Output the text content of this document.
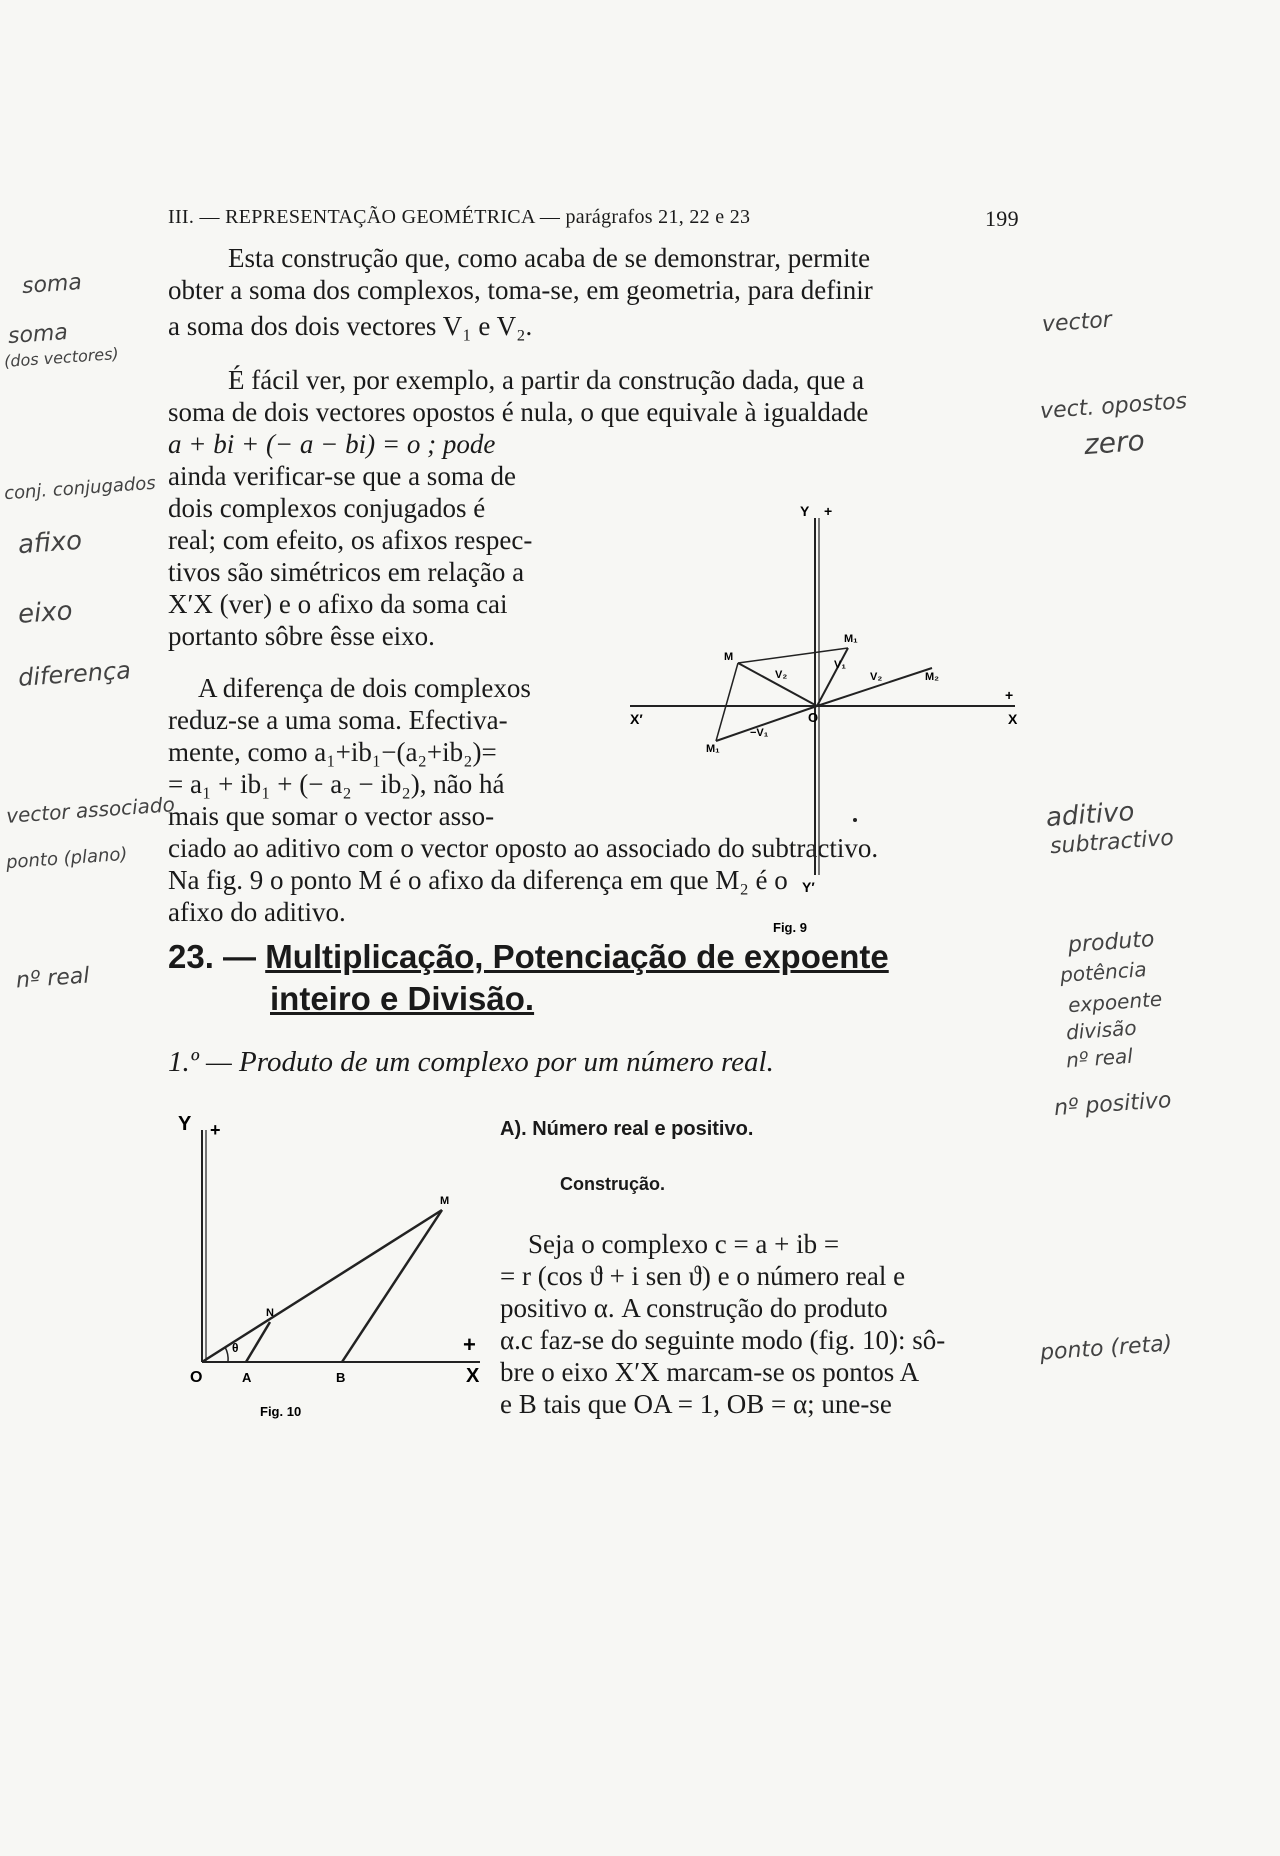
III. — REPRESENTAÇÃO GEOMÉTRICA — parágrafos 21, 22 e 23	199
Esta construção que, como acaba de se demonstrar, permite
obter a soma dos complexos, toma-se, em geometria, para definir
a soma dos dois vectores V₁ e V₂.
É fácil ver, por exemplo, a partir da construção dada, que a
soma de dois vectores opostos é nula, o que equivale à igualdade
a + bi + (− a − bi) = o ; pode
ainda verificar-se que a soma de
dois complexos conjugados é
real; com efeito, os afixos respec-
tivos são simétricos em relação a
X′X (ver) e o afixo da soma cai
portanto sôbre êsse eixo.
A diferença de dois complexos
reduz-se a uma soma. Efectiva-
mente, como a₁+ib₁−(a₂+ib₂)=
= a₁ + ib₁ + (− a₂ − ib₂), não há
mais que somar o vector asso-
ciado ao aditivo com o vector oposto ao associado do subtractivo.
Na fig. 9 o ponto M é o afixo da diferença em que M₂ é o
afixo do aditivo.
Y +
+
X
X′	O
Y′
M
M₁
M₂
M₁
V₂
V₁
V₂
−V₁
Fig. 9
23. — Multiplicação, Potenciação de expoente
inteiro e Divisão.
1.º — Produto de um complexo por um número real.
A). Número real e positivo.
Construção.
Seja o complexo c = a + ib =
= r (cos ϑ + i sen ϑ) e o número real e
positivo α. A construção do produto
α.c faz-se do seguinte modo (fig. 10): sô-
bre o eixo X′X marcam-se os pontos A
e B tais que OA = 1, OB = α; une-se
Y +
+
X
O	A	B
M
N
θ
Fig. 10
soma
soma
(dos vectores)
conj. conjugados
afixo
eixo
diferença
vector associado
ponto (plano)
nº real
vector
vect. opostos
zero
aditivo
subtractivo
produto
potência
expoente
divisão
nº real
nº positivo
ponto (reta)
